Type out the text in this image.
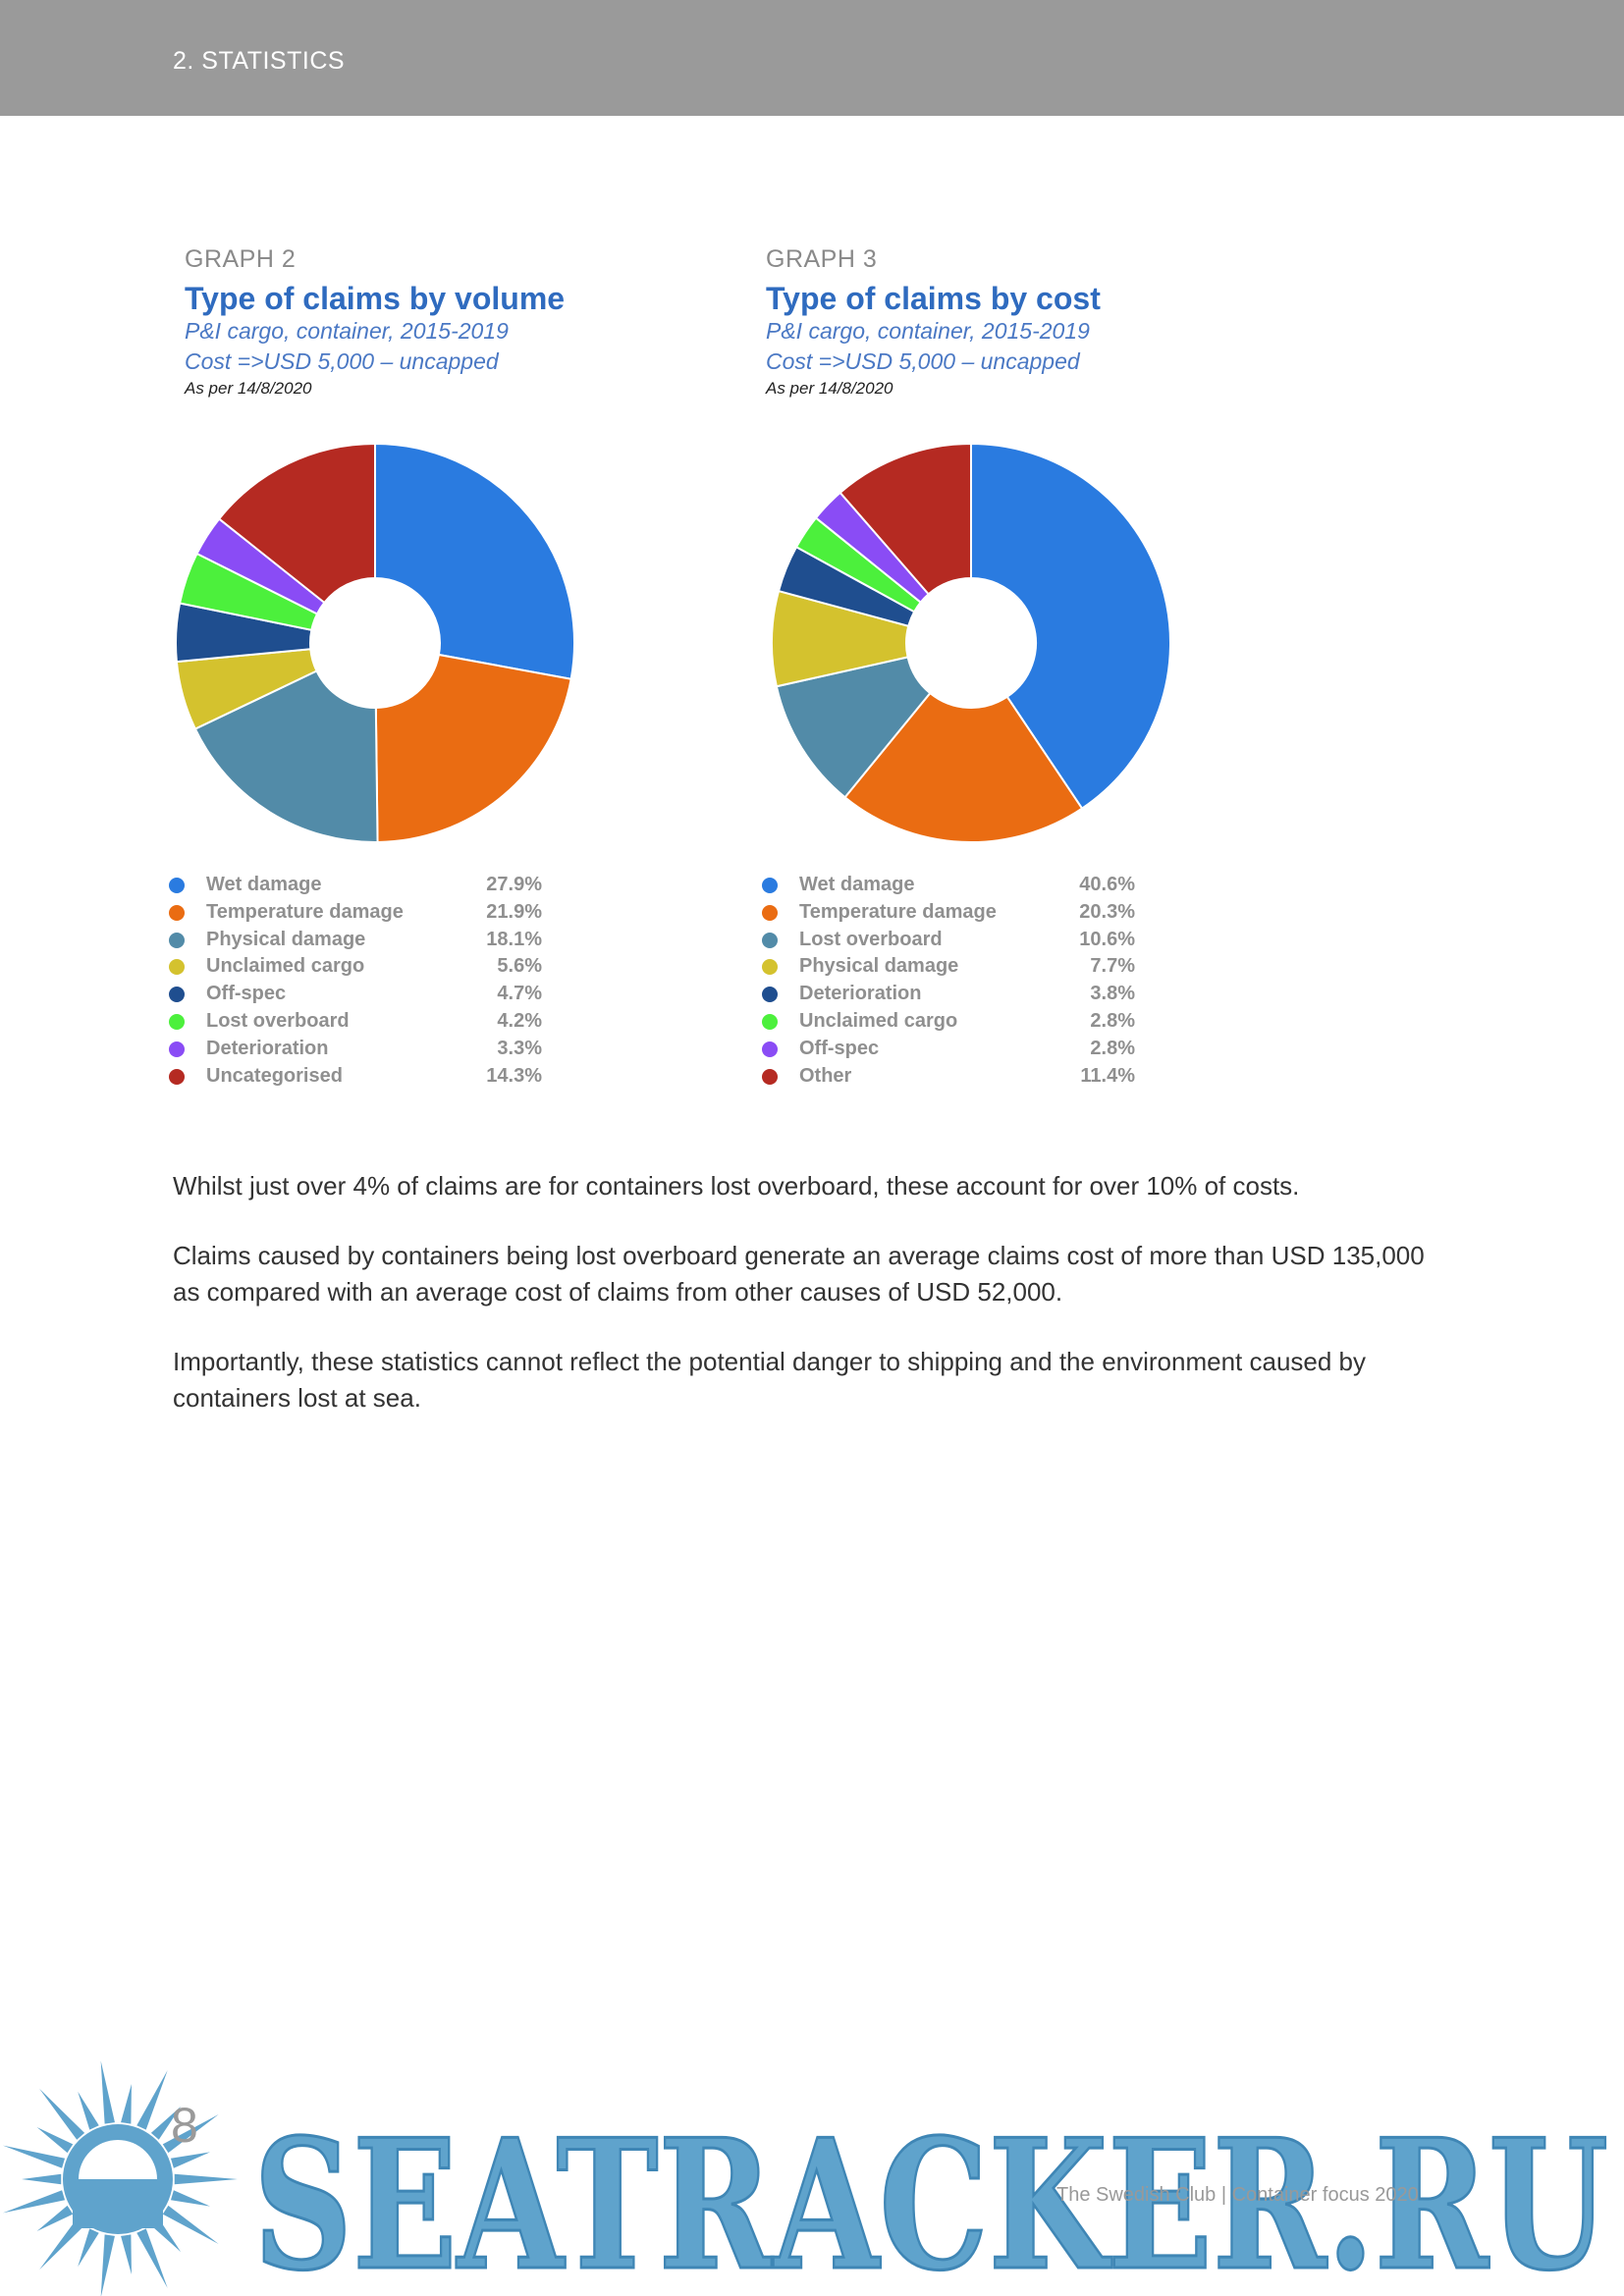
2. STATISTICS
GRAPH 2
Type of claims by volume
P&I cargo, container, 2015-2019
Cost =>USD 5,000 – uncapped
As per 14/8/2020
Wet damage	27.9%
Temperature damage	21.9%
Physical damage	18.1%
Unclaimed cargo	5.6%
Off-spec	4.7%
Lost overboard	4.2%
Deterioration	3.3%
Uncategorised	14.3%
GRAPH 3
Type of claims by cost
P&I cargo, container, 2015-2019
Cost =>USD 5,000 – uncapped
As per 14/8/2020
Wet damage	40.6%
Temperature damage	20.3%
Lost overboard	10.6%
Physical damage	7.7%
Deterioration	3.8%
Unclaimed cargo	2.8%
Off-spec	2.8%
Other	11.4%

Whilst just over 4% of claims are for containers lost overboard, these account for over 10% of costs.

Claims caused by containers being lost overboard generate an average claims cost of more than USD 135,000 as compared with an average cost of claims from other causes of USD 52,000.

Importantly, these statistics cannot reflect the potential danger to shipping and the environment caused by containers lost at sea.

SEATRACKER.RU
8
The Swedish Club | Container focus 2020
